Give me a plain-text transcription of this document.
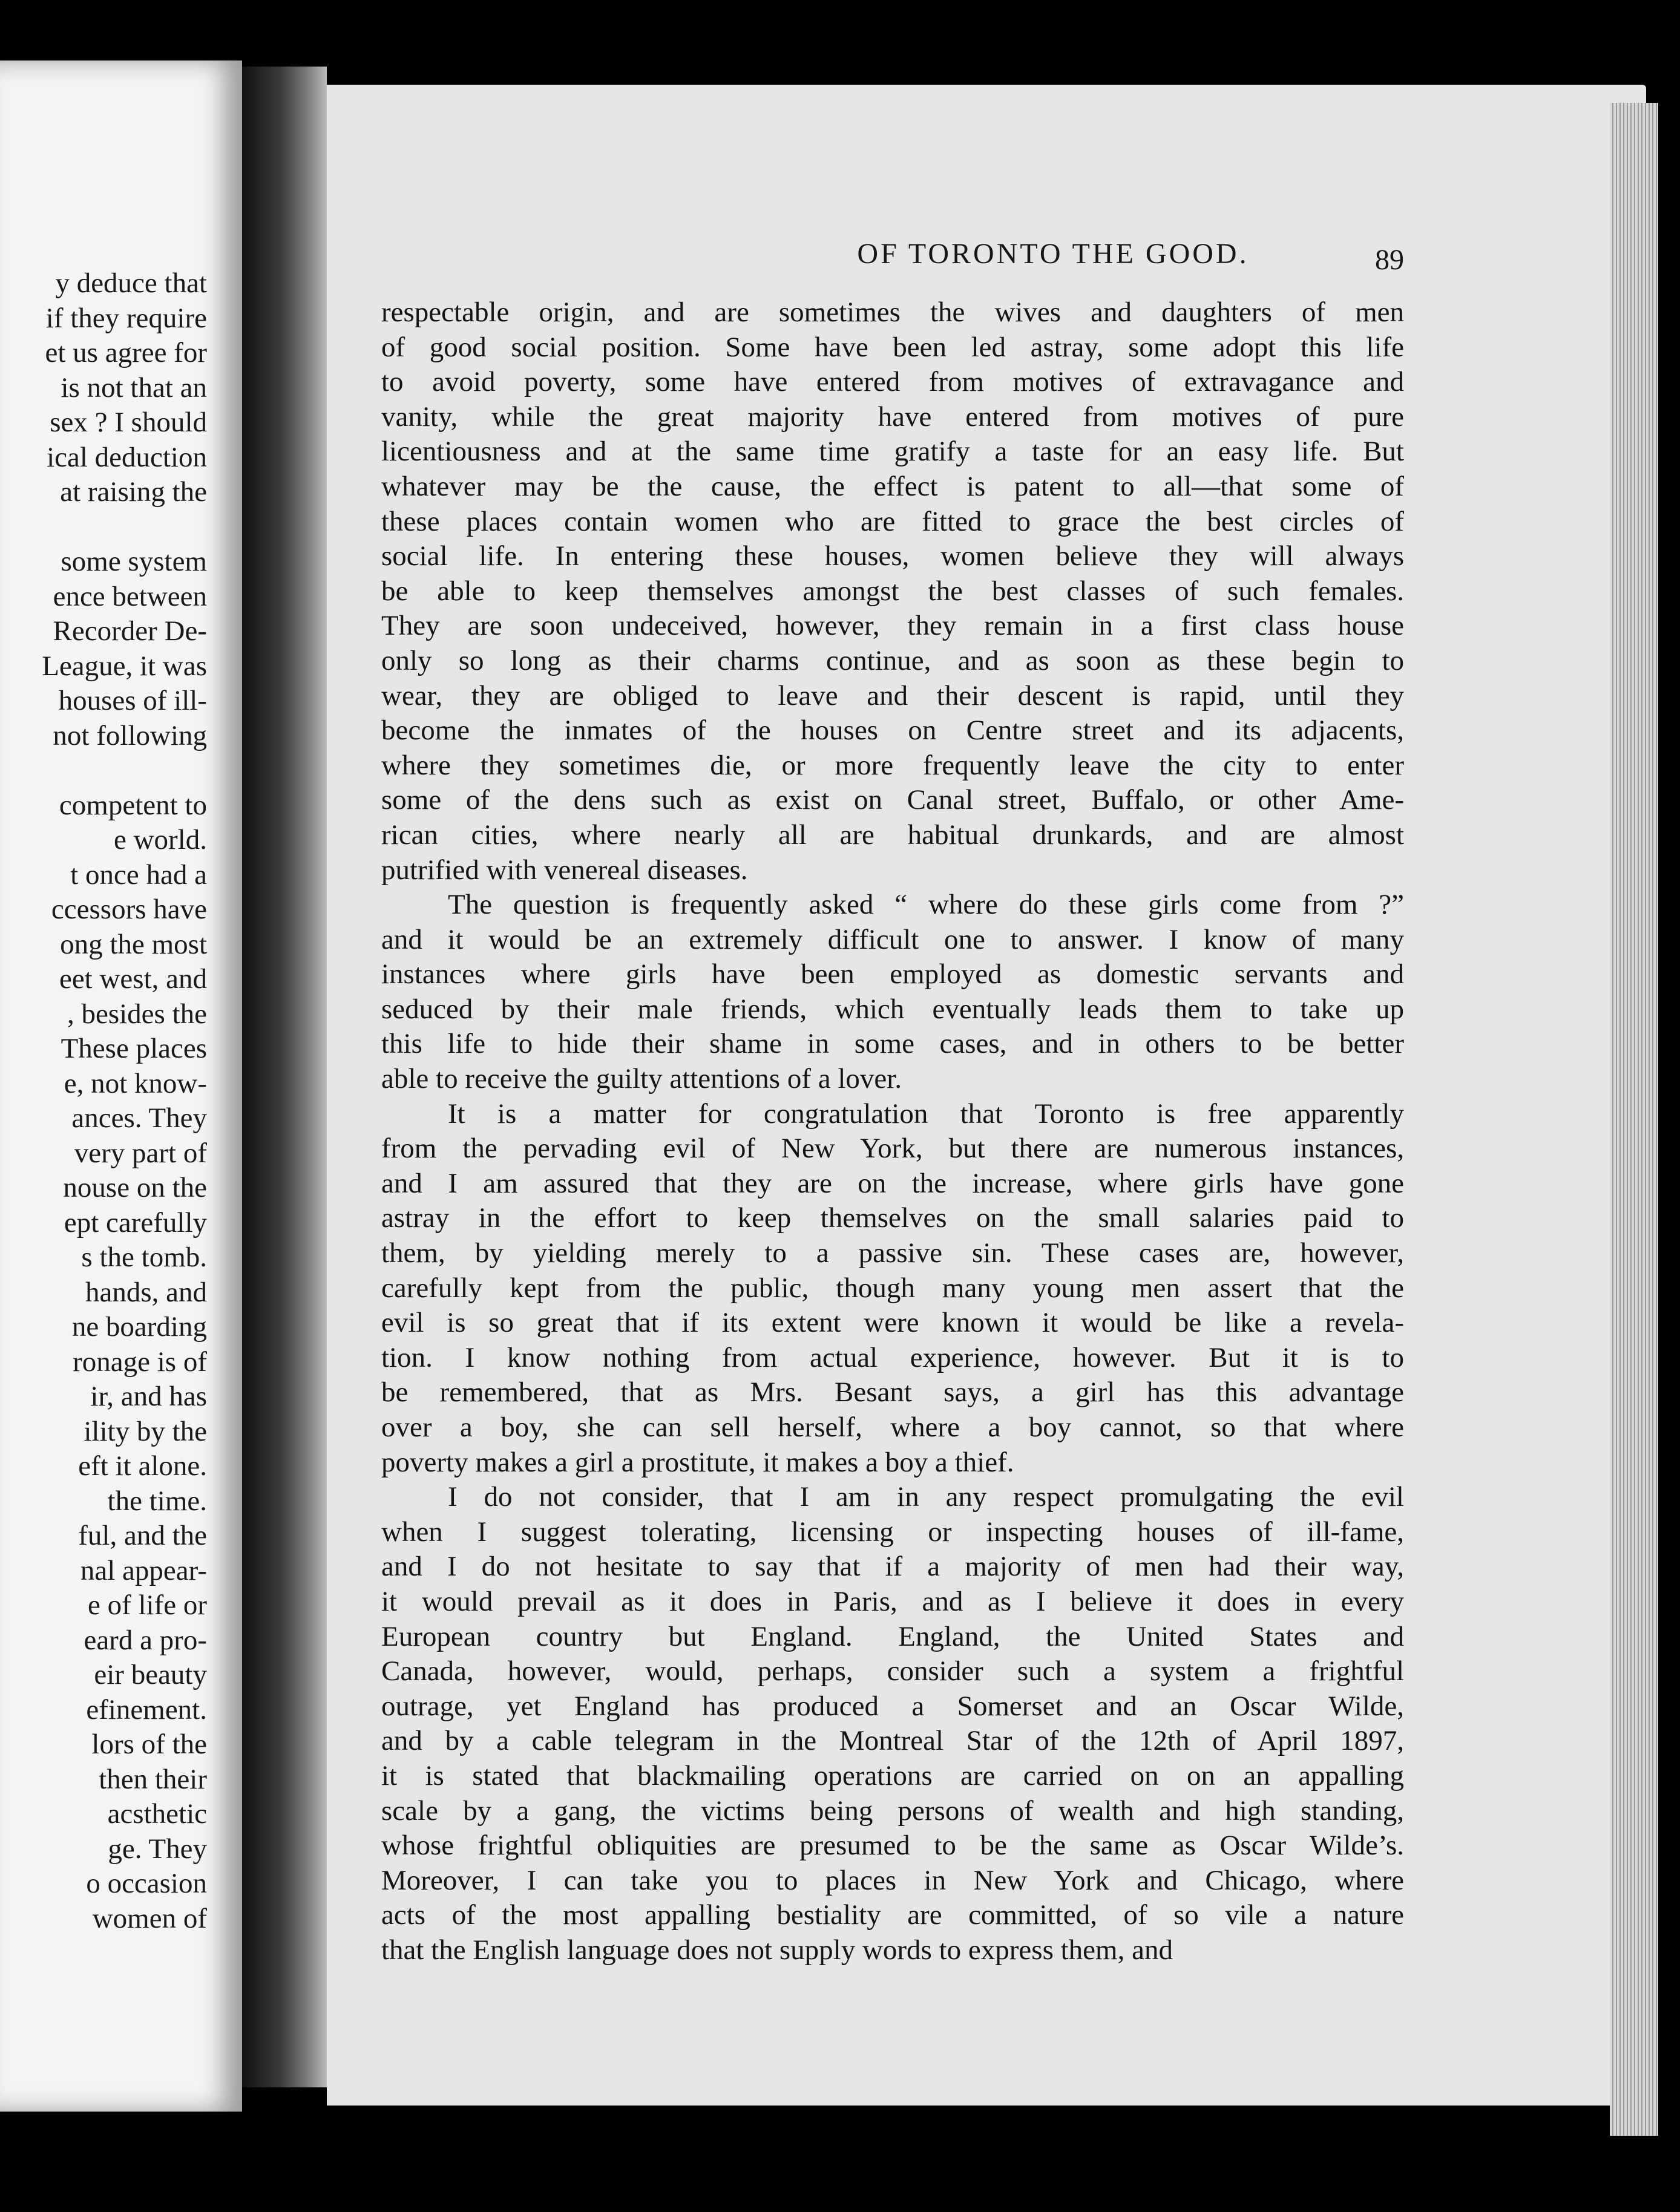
y deduce that
if they require
et us agree for
is not that an
sex ? I should
ical deduction
at raising the
some system
ence between
Recorder De-
League, it was
houses of ill-
not following
competent to
e world.
t once had a
ccessors have
ong the most
eet west, and
, besides the
These places
e, not know-
ances. They
very part of
nouse on the
ept carefully
s the tomb.
hands, and
ne boarding
ronage is of
ir, and has
ility by the
eft it alone.
the time.
ful, and the
nal appear-
e of life or
eard a pro-
eir beauty
efinement.
lors of the
then their
acsthetic
ge. They
o occasion
women of
OF TORONTO THE GOOD.	89
respectable origin, and are sometimes the wives and daughters of men
of good social position. Some have been led astray, some adopt this life
to avoid poverty, some have entered from motives of extravagance and
vanity, while the great majority have entered from motives of pure
licentiousness and at the same time gratify a taste for an easy life. But
whatever may be the cause, the effect is patent to all—that some of
these places contain women who are fitted to grace the best circles of
social life. In entering these houses, women believe they will always
be able to keep themselves amongst the best classes of such females.
They are soon undeceived, however, they remain in a first class house
only so long as their charms continue, and as soon as these begin to
wear, they are obliged to leave and their descent is rapid, until they
become the inmates of the houses on Centre street and its adjacents,
where they sometimes die, or more frequently leave the city to enter
some of the dens such as exist on Canal street, Buffalo, or other Ame-
rican cities, where nearly all are habitual drunkards, and are almost
putrified with venereal diseases.
The question is frequently asked “ where do these girls come from ?”
and it would be an extremely difficult one to answer. I know of many
instances where girls have been employed as domestic servants and
seduced by their male friends, which eventually leads them to take up
this life to hide their shame in some cases, and in others to be better
able to receive the guilty attentions of a lover.
It is a matter for congratulation that Toronto is free apparently
from the pervading evil of New York, but there are numerous instances,
and I am assured that they are on the increase, where girls have gone
astray in the effort to keep themselves on the small salaries paid to
them, by yielding merely to a passive sin. These cases are, however,
carefully kept from the public, though many young men assert that the
evil is so great that if its extent were known it would be like a revela-
tion. I know nothing from actual experience, however. But it is to
be remembered, that as Mrs. Besant says, a girl has this advantage
over a boy, she can sell herself, where a boy cannot, so that where
poverty makes a girl a prostitute, it makes a boy a thief.
I do not consider, that I am in any respect promulgating the evil
when I suggest tolerating, licensing or inspecting houses of ill-fame,
and I do not hesitate to say that if a majority of men had their way,
it would prevail as it does in Paris, and as I believe it does in every
European country but England. England, the United States and
Canada, however, would, perhaps, consider such a system a frightful
outrage, yet England has produced a Somerset and an Oscar Wilde,
and by a cable telegram in the Montreal Star of the 12th of April 1897,
it is stated that blackmailing operations are carried on on an appalling
scale by a gang, the victims being persons of wealth and high standing,
whose frightful obliquities are presumed to be the same as Oscar Wilde’s.
Moreover, I can take you to places in New York and Chicago, where
acts of the most appalling bestiality are committed, of so vile a nature
that the English language does not supply words to express them, and
